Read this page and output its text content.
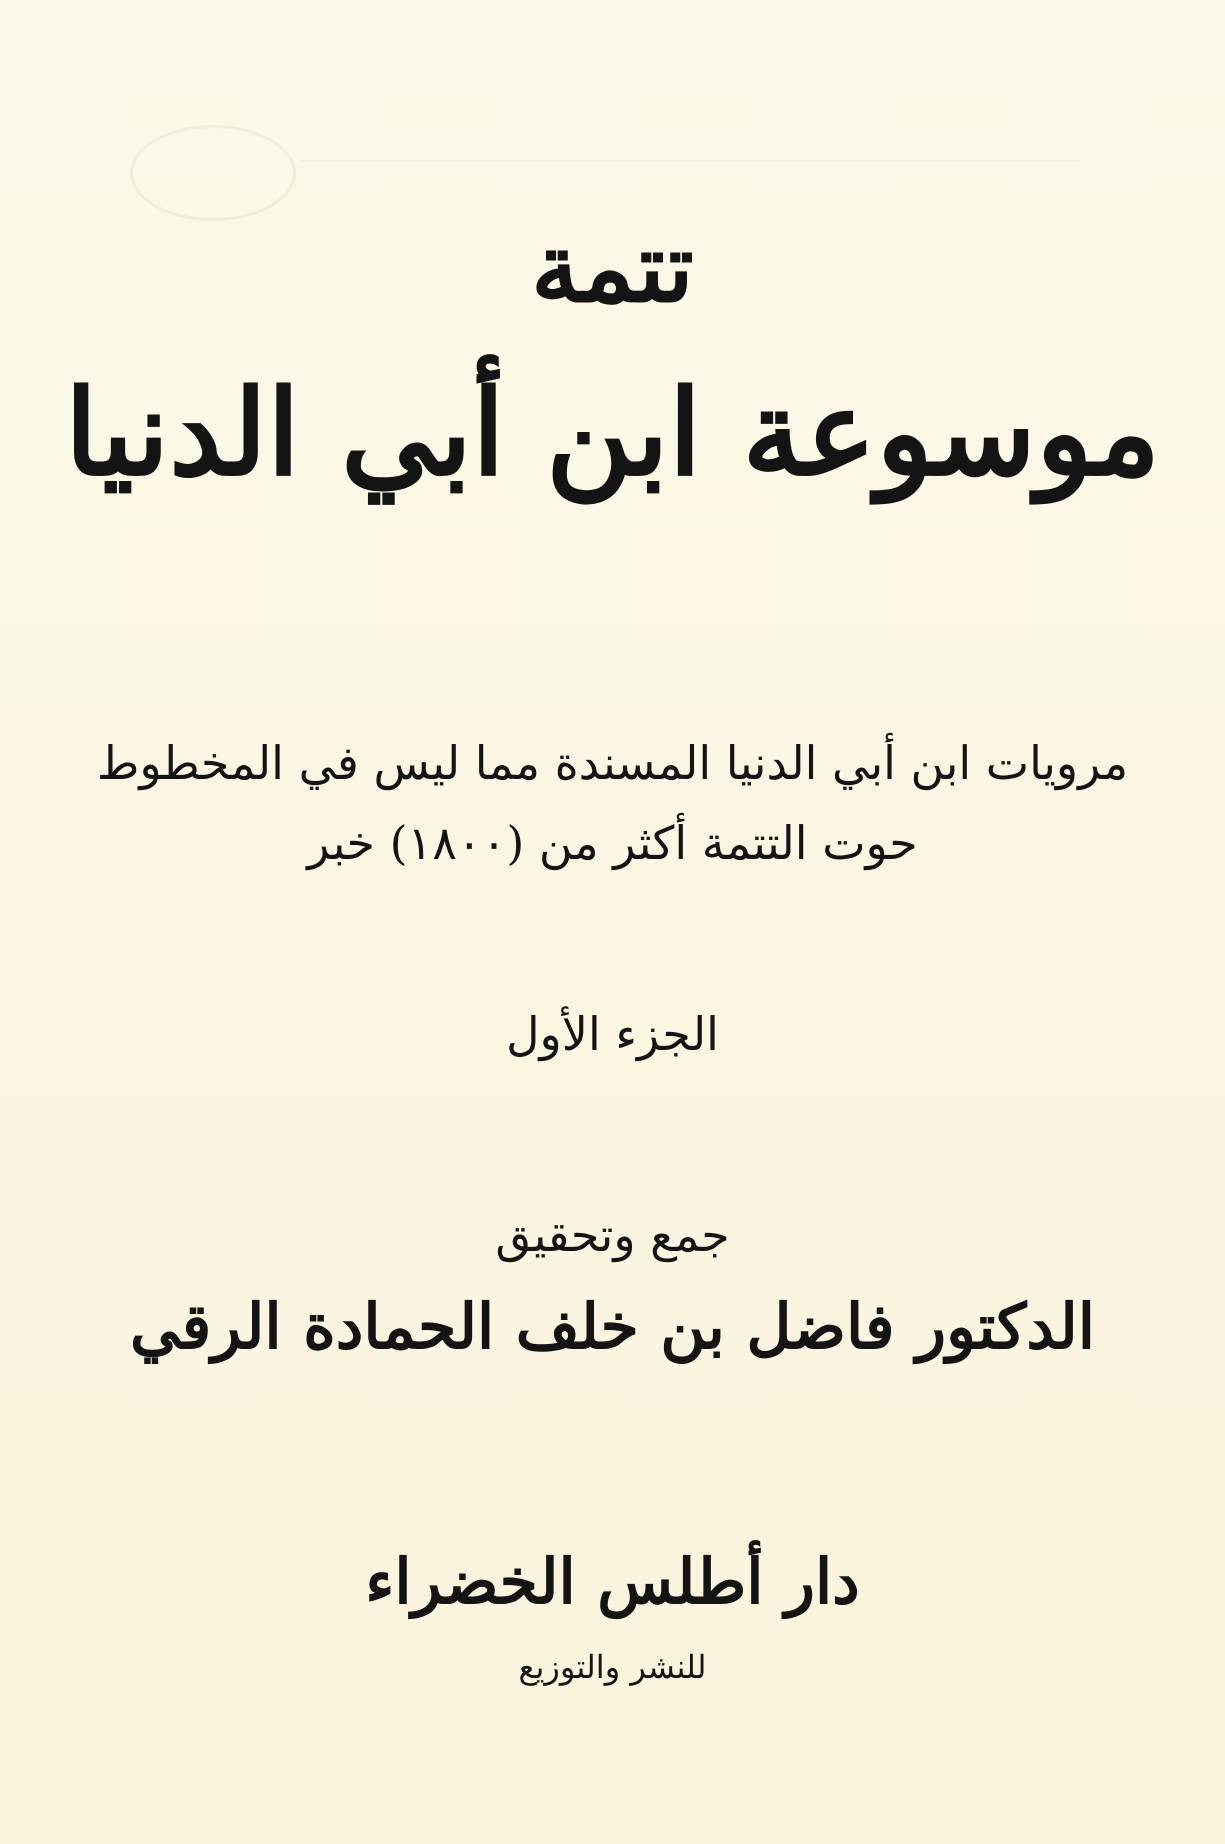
تتمة
موسوعة ابن أبي الدنيا
مرويات ابن أبي الدنيا المسندة مما ليس في المخطوط
حوت التتمة أكثر من (١٨٠٠) خبر
الجزء الأول
جمع وتحقيق
الدكتور فاضل بن خلف الحمادة الرقي
دار أطلس الخضراء
للنشر والتوزيع
